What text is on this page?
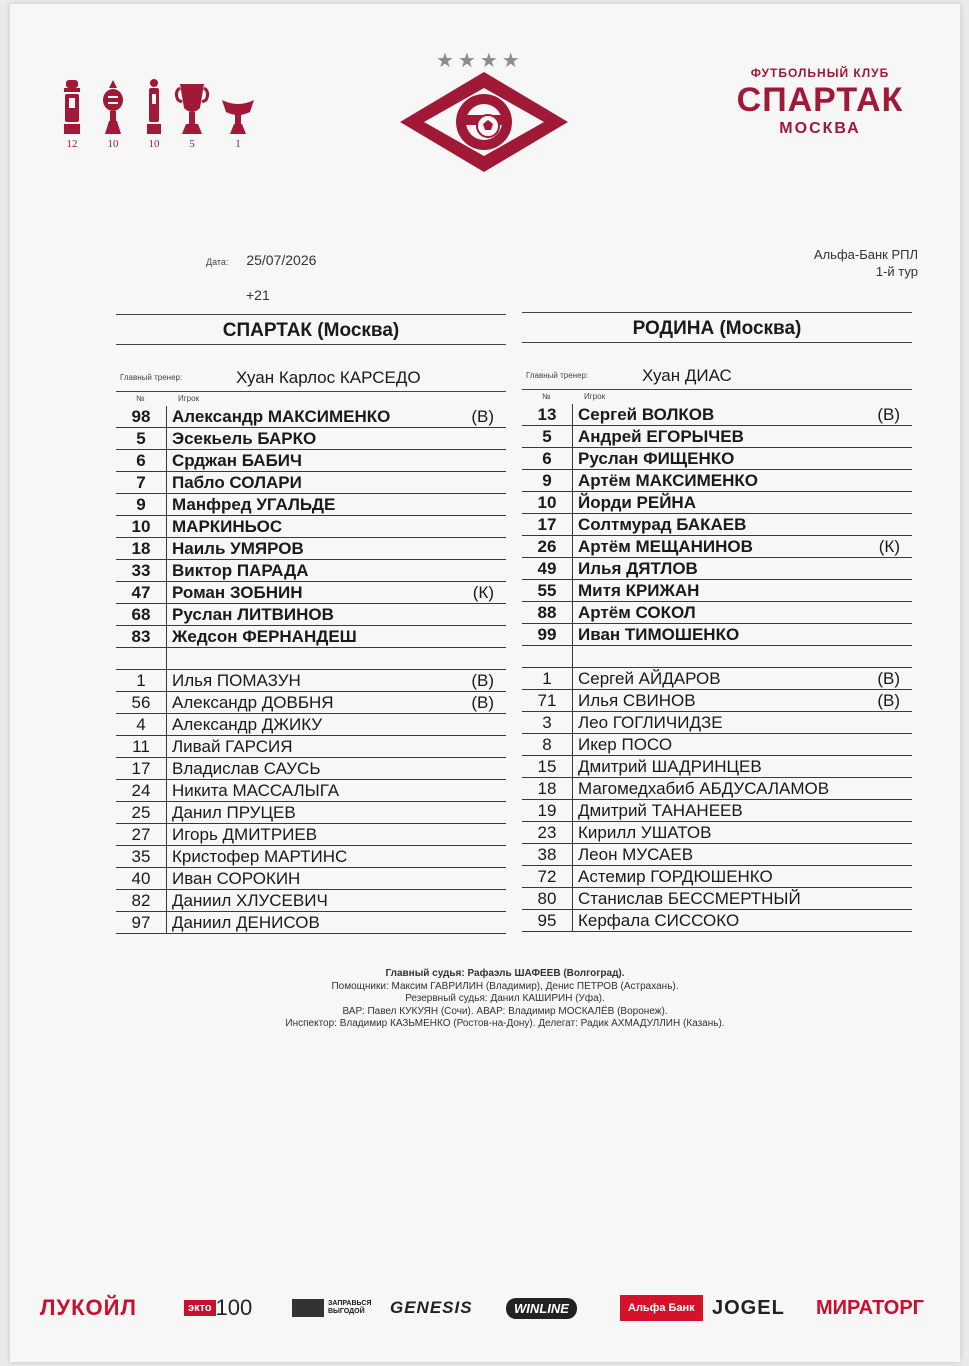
12	10	10	5	1
★★★★
ФУТБОЛЬНЫЙ КЛУБ
СПАРТАК
МОСКВА
Дата: 25/07/2026
+21
Альфа-Банк РПЛ
1-й тур
СПАРТАК (Москва)
Главный тренер:	Хуан Карлос КАРСЕДО
№	Игрок
98	Александр МАКСИМЕНКО	(В)
5	Эсекьель БАРКО
6	Срджан БАБИЧ
7	Пабло СОЛАРИ
9	Манфред УГАЛЬДЕ
10	МАРКИНЬОС
18	Наиль УМЯРОВ
33	Виктор ПАРАДА
47	Роман ЗОБНИН	(К)
68	Руслан ЛИТВИНОВ
83	Жедсон ФЕРНАНДЕШ
1	Илья ПОМАЗУН	(В)
56	Александр ДОВБНЯ	(В)
4	Александр ДЖИКУ
11	Ливай ГАРСИЯ
17	Владислав САУСЬ
24	Никита МАССАЛЫГА
25	Данил ПРУЦЕВ
27	Игорь ДМИТРИЕВ
35	Кристофер МАРТИНС
40	Иван СОРОКИН
82	Даниил ХЛУСЕВИЧ
97	Даниил ДЕНИСОВ
РОДИНА (Москва)
Главный тренер:	Хуан ДИАС
№	Игрок
13	Сергей ВОЛКОВ	(В)
5	Андрей ЕГОРЫЧЕВ
6	Руслан ФИЩЕНКО
9	Артём МАКСИМЕНКО
10	Йорди РЕЙНА
17	Солтмурад БАКАЕВ
26	Артём МЕЩАНИНОВ	(К)
49	Илья ДЯТЛОВ
55	Митя КРИЖАН
88	Артём СОКОЛ
99	Иван ТИМОШЕНКО
1	Сергей АЙДАРОВ	(В)
71	Илья СВИНОВ	(В)
3	Лео ГОГЛИЧИДЗЕ
8	Икер ПОСО
15	Дмитрий ШАДРИНЦЕВ
18	Магомедхабиб АБДУСАЛАМОВ
19	Дмитрий ТАНАНЕЕВ
23	Кирилл УШАТОВ
38	Леон МУСАЕВ
72	Астемир ГОРДЮШЕНКО
80	Станислав БЕССМЕРТНЫЙ
95	Керфала СИССОКО
Главный судья: Рафаэль ШАФЕЕВ (Волгоград).
Помощники: Максим ГАВРИЛИН (Владимир), Денис ПЕТРОВ (Астрахань).
Резервный судья: Данил КАШИРИН (Уфа).
ВАР: Павел КУКУЯН (Сочи). АВАР: Владимир МОСКАЛЁВ (Воронеж).
Инспектор: Владимир КАЗЬМЕНКО (Ростов-на-Дону). Делегат: Радик АХМАДУЛЛИН (Казань).
ЛУКОЙЛ	экто 100	ЗАПРАВЬСЯ ВЫГОДОЙ	GENESIS	WINLINE	Альфа Банк JOGEL МИРАТОРГ
